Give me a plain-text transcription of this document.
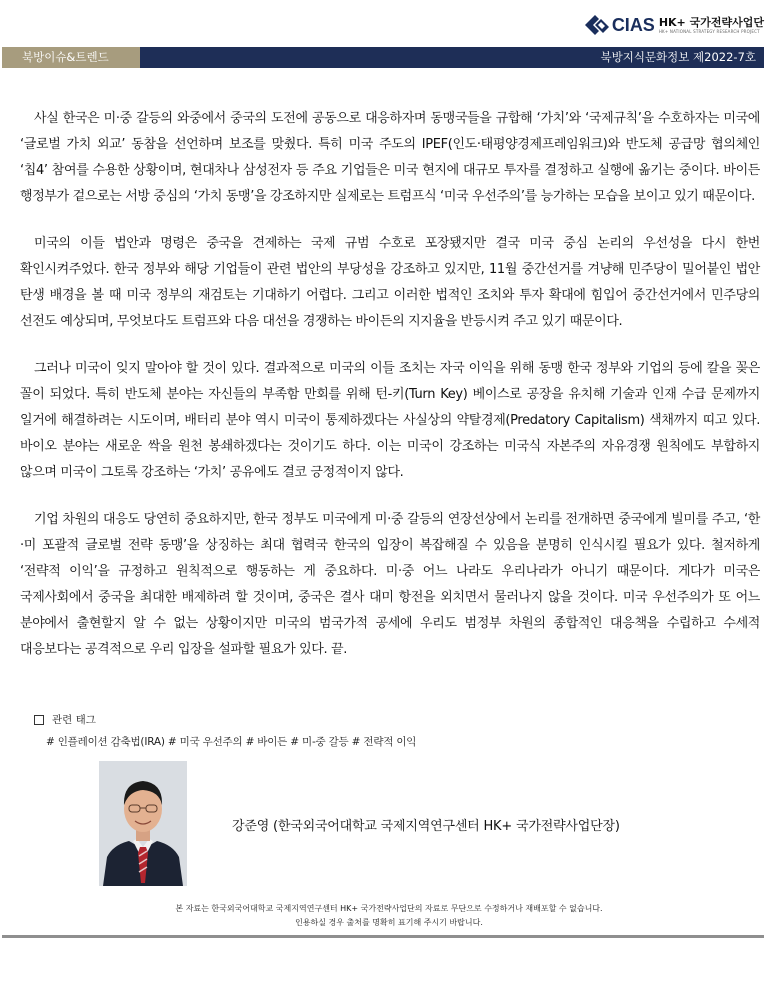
CIAS HK+ 국가전략사업단
HK+ NATIONAL STRATEGY RESEARCH PROJECT
북방이슈&트렌드	북방지식문화정보 제2022-7호

사실 한국은 미·중 갈등의 와중에서 중국의 도전에 공동으로 대응하자며 동맹국들을 규합해 ‘가치’와 ‘국제규칙’을 수호하자는 미국에 ‘글로벌 가치 외교’ 동참을 선언하며 보조를 맞췄다. 특히 미국 주도의 IPEF(인도·태평양경제프레임워크)와 반도체 공급망 협의체인 ‘칩4’ 참여를 수용한 상황이며, 현대차나 삼성전자 등 주요 기업들은 미국 현지에 대규모 투자를 결정하고 실행에 옮기는 중이다. 바이든 행정부가 겉으로는 서방 중심의 ‘가치 동맹’을 강조하지만 실제로는 트럼프식 ‘미국 우선주의’를 능가하는 모습을 보이고 있기 때문이다.

미국의 이들 법안과 명령은 중국을 견제하는 국제 규범 수호로 포장됐지만 결국 미국 중심 논리의 우선성을 다시 한번 확인시켜주었다. 한국 정부와 해당 기업들이 관련 법안의 부당성을 강조하고 있지만, 11월 중간선거를 겨냥해 민주당이 밀어붙인 법안 탄생 배경을 볼 때 미국 정부의 재검토는 기대하기 어렵다. 그리고 이러한 법적인 조치와 투자 확대에 힘입어 중간선거에서 민주당의 선전도 예상되며, 무엇보다도 트럼프와 다음 대선을 경쟁하는 바이든의 지지율을 반등시켜 주고 있기 때문이다.

그러나 미국이 잊지 말아야 할 것이 있다. 결과적으로 미국의 이들 조치는 자국 이익을 위해 동맹 한국 정부와 기업의 등에 칼을 꽂은 꼴이 되었다. 특히 반도체 분야는 자신들의 부족함 만회를 위해 턴-키(Turn Key) 베이스로 공장을 유치해 기술과 인재 수급 문제까지 일거에 해결하려는 시도이며, 배터리 분야 역시 미국이 통제하겠다는 사실상의 약탈경제(Predatory Capitalism) 색채까지 띠고 있다. 바이오 분야는 새로운 싹을 원천 봉쇄하겠다는 것이기도 하다. 이는 미국이 강조하는 미국식 자본주의 자유경쟁 원칙에도 부합하지 않으며 미국이 그토록 강조하는 ‘가치’ 공유에도 결코 긍정적이지 않다.

기업 차원의 대응도 당연히 중요하지만, 한국 정부도 미국에게 미·중 갈등의 연장선상에서 논리를 전개하면 중국에게 빌미를 주고, ‘한·미 포괄적 글로벌 전략 동맹’을 상징하는 최대 협력국 한국의 입장이 복잡해질 수 있음을 분명히 인식시킬 필요가 있다. 철저하게 ‘전략적 이익’을 규정하고 원칙적으로 행동하는 게 중요하다. 미·중 어느 나라도 우리나라가 아니기 때문이다. 게다가 미국은 국제사회에서 중국을 최대한 배제하려 할 것이며, 중국은 결사 대미 항전을 외치면서 물러나지 않을 것이다. 미국 우선주의가 또 어느 분야에서 출현할지 알 수 없는 상황이지만 미국의 범국가적 공세에 우리도 범정부 차원의 종합적인 대응책을 수립하고 수세적 대응보다는 공격적으로 우리 입장을 설파할 필요가 있다. 끝.

관련 태그
# 인플레이션 감축법(IRA) # 미국 우선주의 # 바이든 # 미-중 갈등 # 전략적 이익
강준영 (한국외국어대학교 국제지역연구센터 HK+ 국가전략사업단장)
본 자료는 한국외국어대학교 국제지역연구센터 HK+ 국가전략사업단의 자료로 무단으로 수정하거나 재배포할 수 없습니다.
인용하실 경우 출처를 명확히 표기해 주시기 바랍니다.
